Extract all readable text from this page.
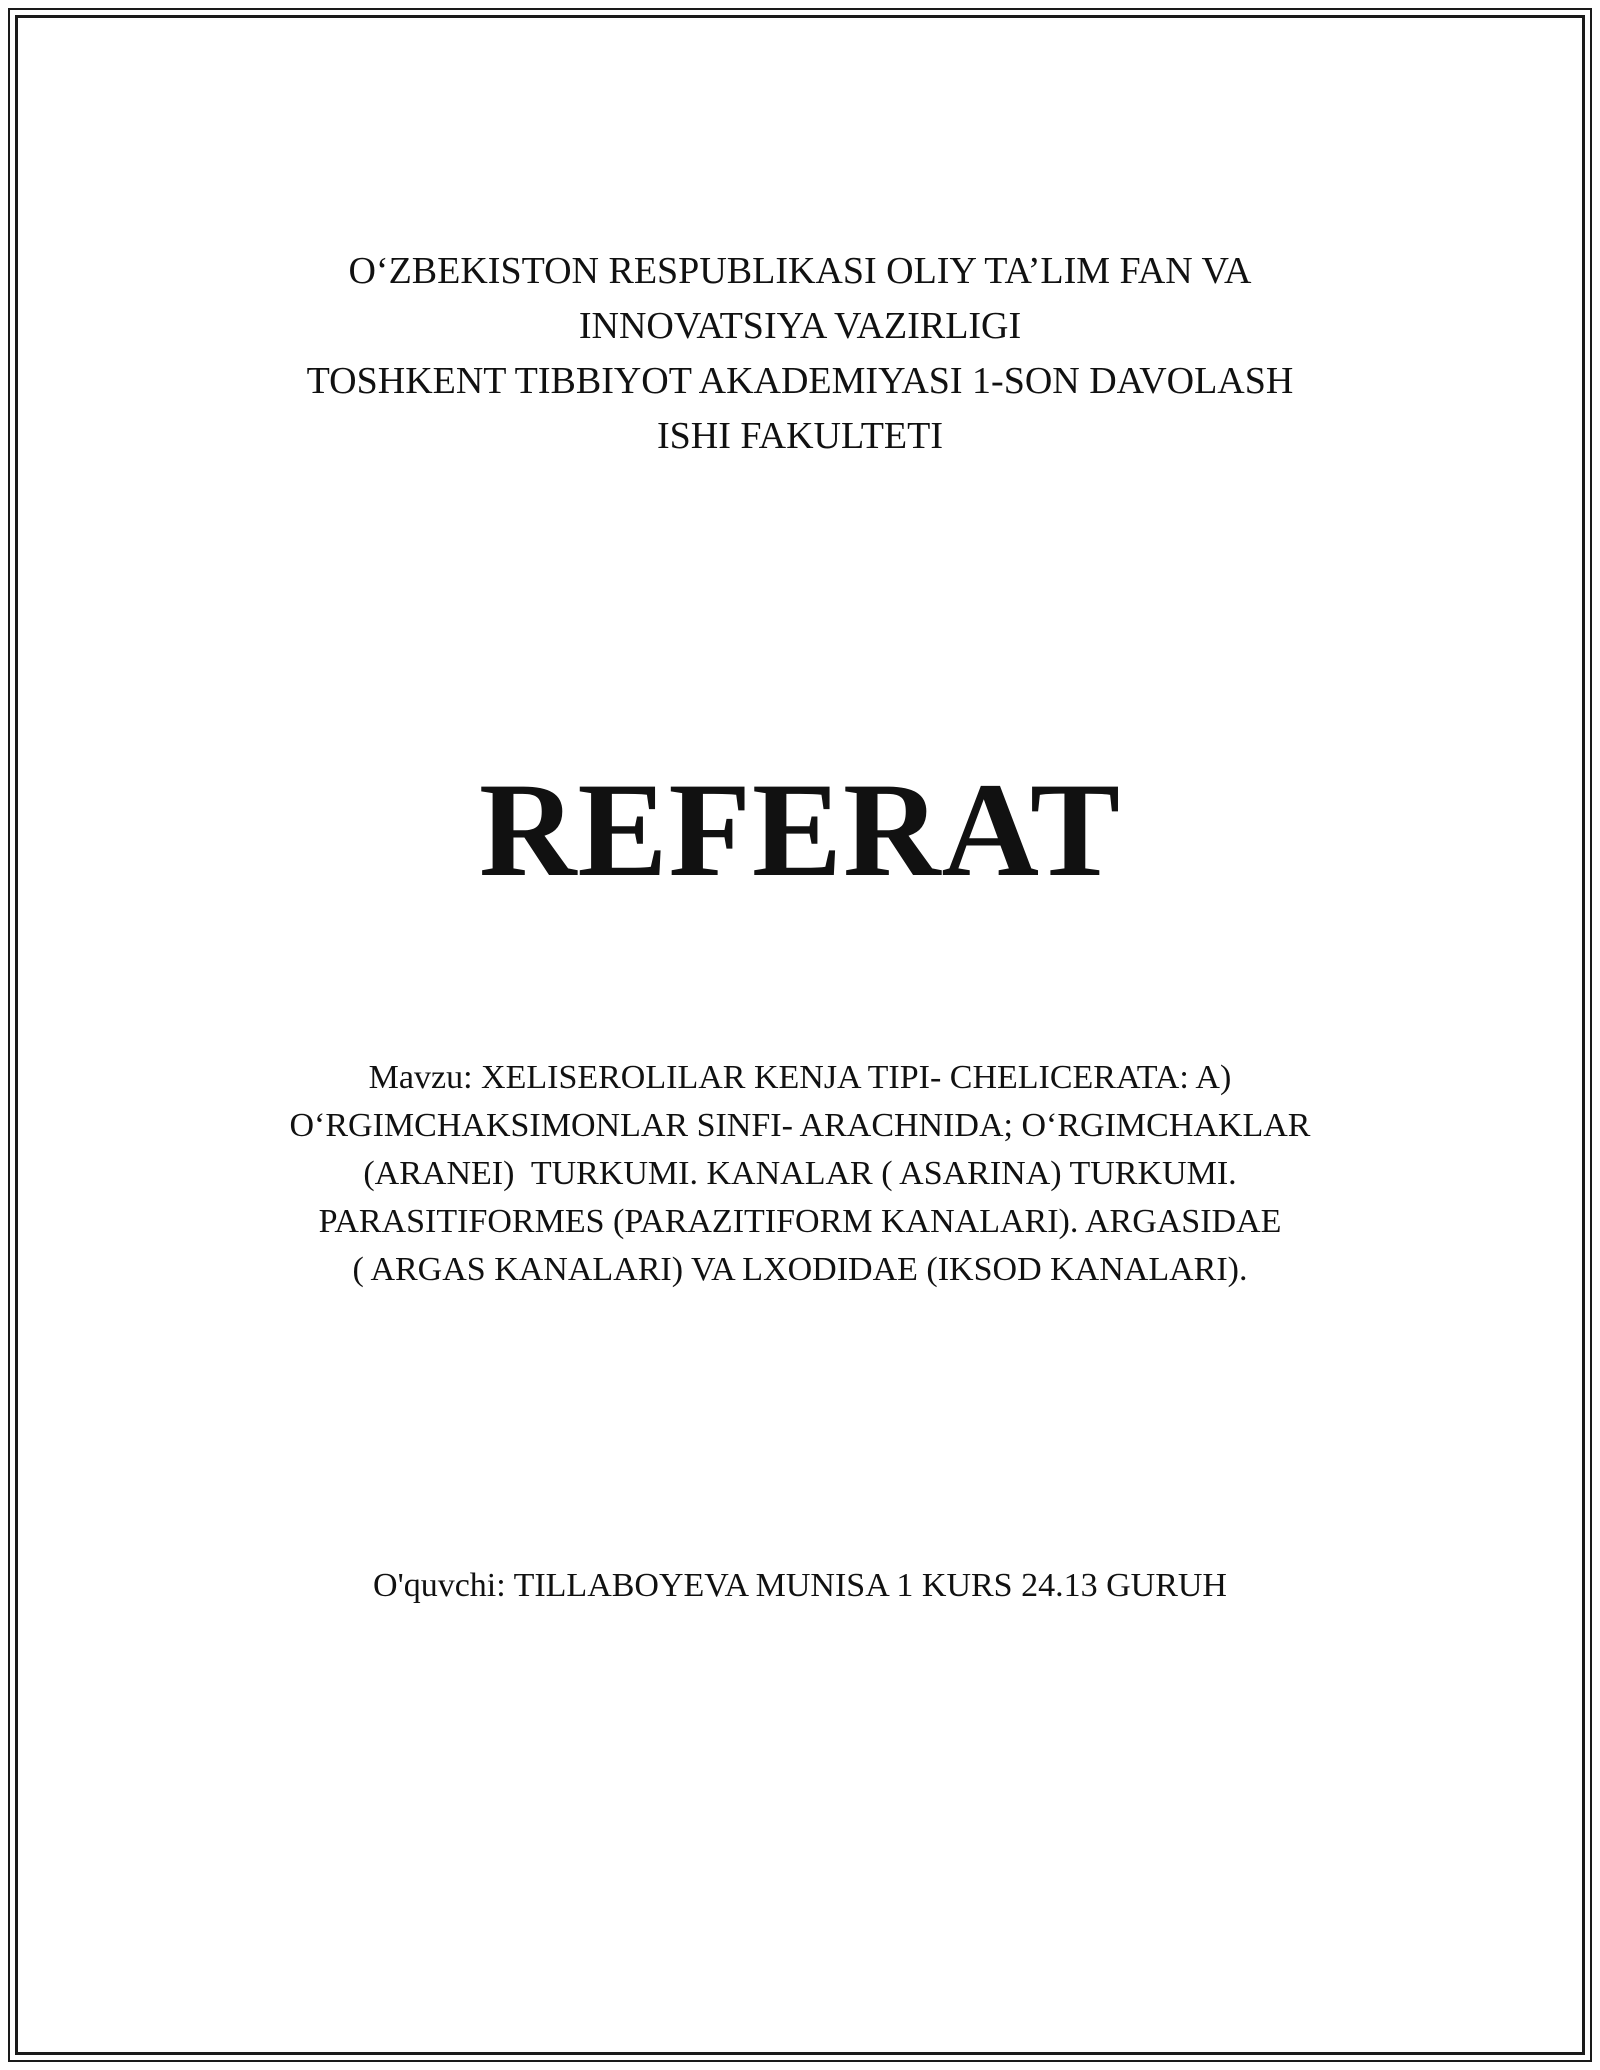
O‘ZBEKISTON RESPUBLIKASI OLIY TA’LIM FAN VA
INNOVATSIYA VAZIRLIGI
TOSHKENT TIBBIYOT AKADEMIYASI 1-SON DAVOLASH
ISHI FAKULTETI
REFERAT
Mavzu: XELISEROLILAR KENJA TIPI- CHELICERATA: A)
O‘RGIMCHAKSIMONLAR SINFI- ARACHNIDA; O‘RGIMCHAKLAR
(ARANEI)  TURKUMI. KANALAR ( ASARINA) TURKUMI.
PARASITIFORMES (PARAZITIFORM KANALARI). ARGASIDAE
( ARGAS KANALARI) VA LXODIDAE (IKSOD KANALARI).
O'quvchi: TILLABOYEVA MUNISA 1 KURS 24.13 GURUH
